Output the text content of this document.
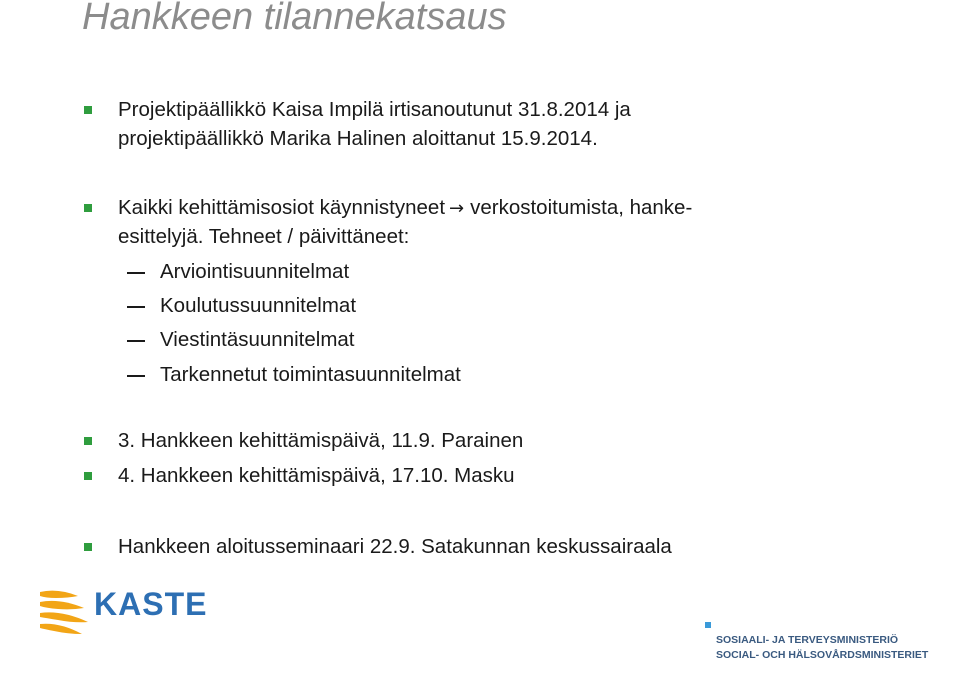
Hankkeen tilannekatsaus
Projektipäällikkö Kaisa Impilä irtisanoutunut 31.8.2014 ja
projektipäällikkö Marika Halinen aloittanut 15.9.2014.
Kaikki kehittämisosiot käynnistyneet → verkostoitumista, hanke-
esittelyjä. Tehneet / päivittäneet:
Arviointisuunnitelmat
Koulutussuunnitelmat
Viestintäsuunnitelmat
Tarkennetut toimintasuunnitelmat
3. Hankkeen kehittämispäivä, 11.9. Parainen
4. Hankkeen kehittämispäivä, 17.10. Masku
Hankkeen aloitusseminaari 22.9. Satakunnan keskussairaala
KASTE
SOSIAALI- JA TERVEYSMINISTERIÖ
SOCIAL- OCH HÄLSOVÅRDSMINISTERIET
